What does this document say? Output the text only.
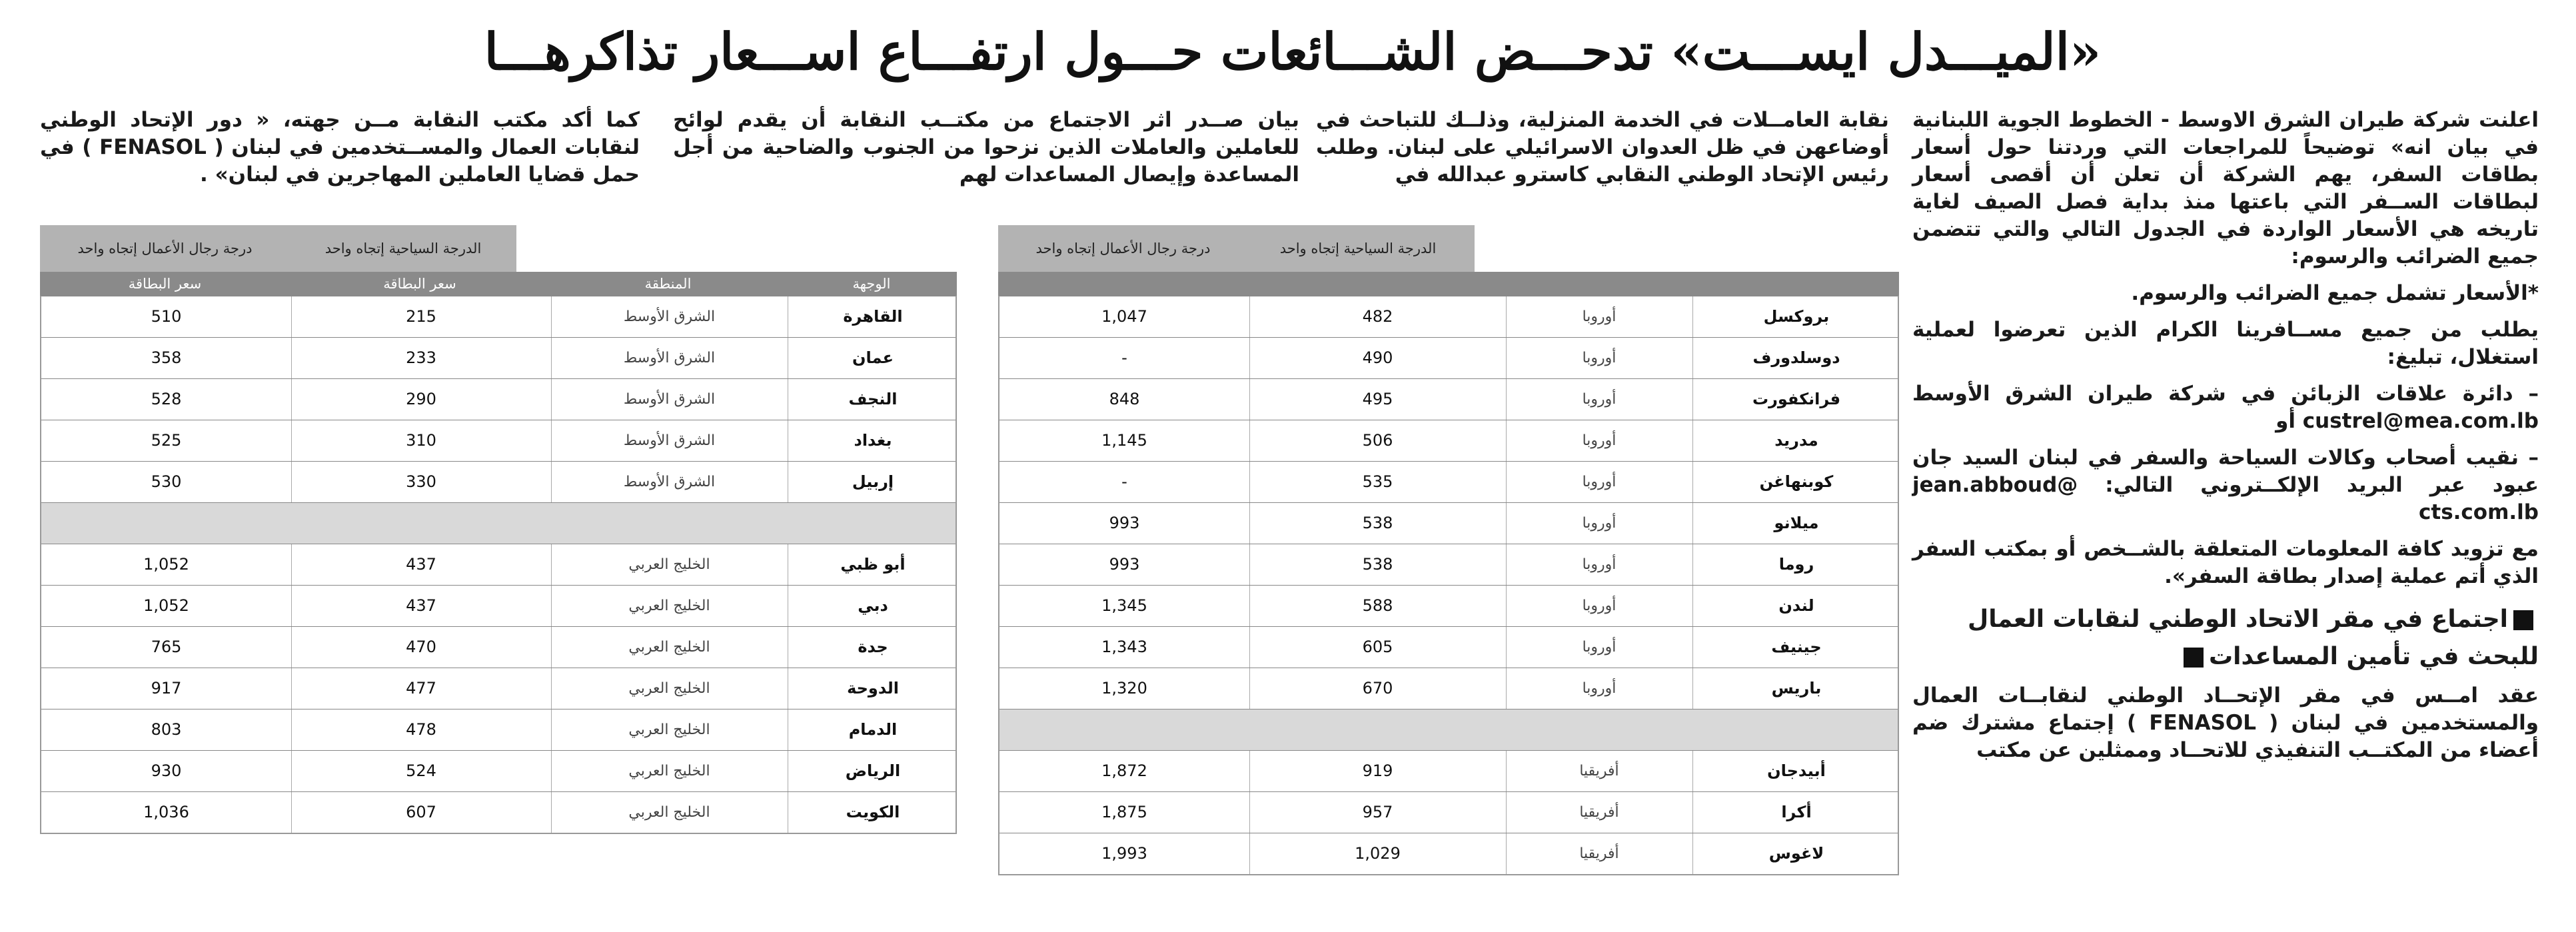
«الميـــدل ايســـت» تدحـــض الشـــائعات حـــول ارتفـــاع اســـعار تذاكرهـــا

اعلنت شركة طيران الشرق الاوسط - الخطوط الجوية اللبنانية في بيان انه» توضيحاً للمراجعات التي وردتنا حول أسعار بطاقات السفر، يهم الشركة أن تعلن أن أقصى أسعار لبطاقات الســفر التي باعتها منذ بداية فصل الصيف لغاية تاريخه هي الأسعار الواردة في الجدول التالي والتي تتضمن جميع الضرائب والرسوم:

*الأسعار تشمل جميع الضرائب والرسوم.

يطلب من جميع مســافرينا الكرام الذين تعرضوا لعملية استغلال، تبليغ:

– دائرة علاقات الزبائن في شركة طيران الشرق الأوسط custrel@mea.com.lb أو

– نقيب أصحاب وكالات السياحة والسفر في لبنان السيد جان عبود عبر البريد الإلكــتروني التالي: @jean.abboud cts.com.lb

مع تزويد كافة المعلومات المتعلقة بالشــخص أو بمكتب السفر الذي أتم عملية إصدار بطاقة السفر».

اجتماع في مقر الاتحاد الوطني لنقابات العمال للبحث في تأمين المساعدات

عقد امــس في مقر الإتحــاد الوطني لنقابــات العمال والمستخدمين في لبنان ( FENASOL ) إجتماع مشترك ضم أعضاء من المكتــب التنفيذي للاتحــاد وممثلين عن مكتب

نقابة العامــلات في الخدمة المنزلية، وذلــك للتباحث في أوضاعهن في ظل العدوان الاسرائيلي على لبنان. وطلب رئيس الإتحاد الوطني النقابي كاسترو عبدالله في

بيان صــدر اثر الاجتماع من مكتــب النقابة أن يقدم لوائح للعاملين والعاملات الذين نزحوا من الجنوب والضاحية من أجل المساعدة وإيصال المساعدات لهم

كما أكد مكتب النقابة مــن جهته، « دور الإتحاد الوطني لنقابات العمال والمســتخدمين في لبنان ( FENASOL ) في حمل قضايا العاملين المهاجرين في لبنان» .

الدرجة السياحية إتجاه واحد
درجة رجال الأعمال إتجاه واحد
بروكسل
أوروبا
482
1,047
دوسلدورف
أوروبا
490
-
فرانكفورت
أوروبا
495
848
مدريد
أوروبا
506
1,145
كوبنهاغن
أوروبا
535
-
ميلانو
أوروبا
538
993
روما
أوروبا
538
993
لندن
أوروبا
588
1,345
جينيف
أوروبا
605
1,343
باريس
أوروبا
670
1,320
أبيدجان
أفريقيا
919
1,872
أكرا
أفريقيا
957
1,875
لاغوس
أفريقيا
1,029
1,993
الدرجة السياحية إتجاه واحد
درجة رجال الأعمال إتجاه واحد
الوجهة
المنطقة
سعر البطاقة
سعر البطاقة
القاهرة
الشرق الأوسط
215
510
عمان
الشرق الأوسط
233
358
النجف
الشرق الأوسط
290
528
بغداد
الشرق الأوسط
310
525
إربيل
الشرق الأوسط
330
530
أبو ظبي
الخليج العربي
437
1,052
دبي
الخليج العربي
437
1,052
جدة
الخليج العربي
470
765
الدوحة
الخليج العربي
477
917
الدمام
الخليج العربي
478
803
الرياض
الخليج العربي
524
930
الكويت
الخليج العربي
607
1,036
